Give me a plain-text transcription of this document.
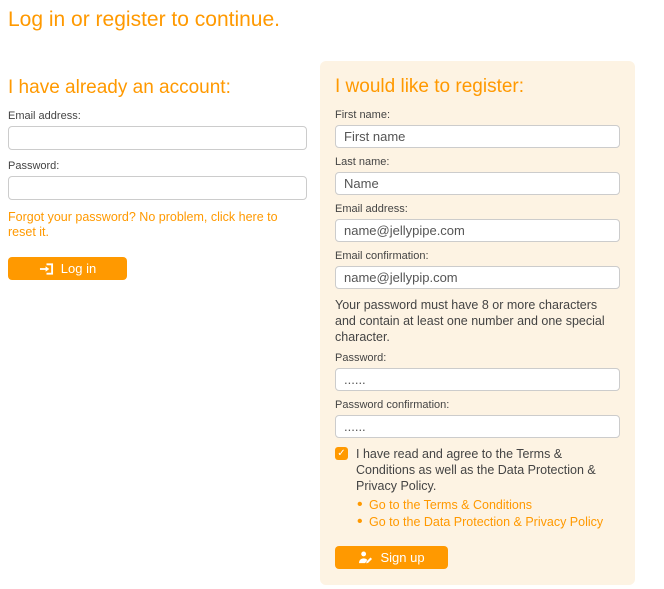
Log in or register to continue.
I have already an account:
Email address:
Password:
Forgot your password? No problem, click here to reset it.
Log in
I would like to register:
First name:
First name
Last name:
Name
Email address:
name@jellypipe.com
Email confirmation:
name@jellypip.com

Your password must have 8 or more characters and contain at least one number and one special character.

Password:
......
Password confirmation:
......
✓ I have read and agree to the Terms & Conditions as well as the Data Protection & Privacy Policy.
• Go to the Terms & Conditions
• Go to the Data Protection & Privacy Policy
Sign up
